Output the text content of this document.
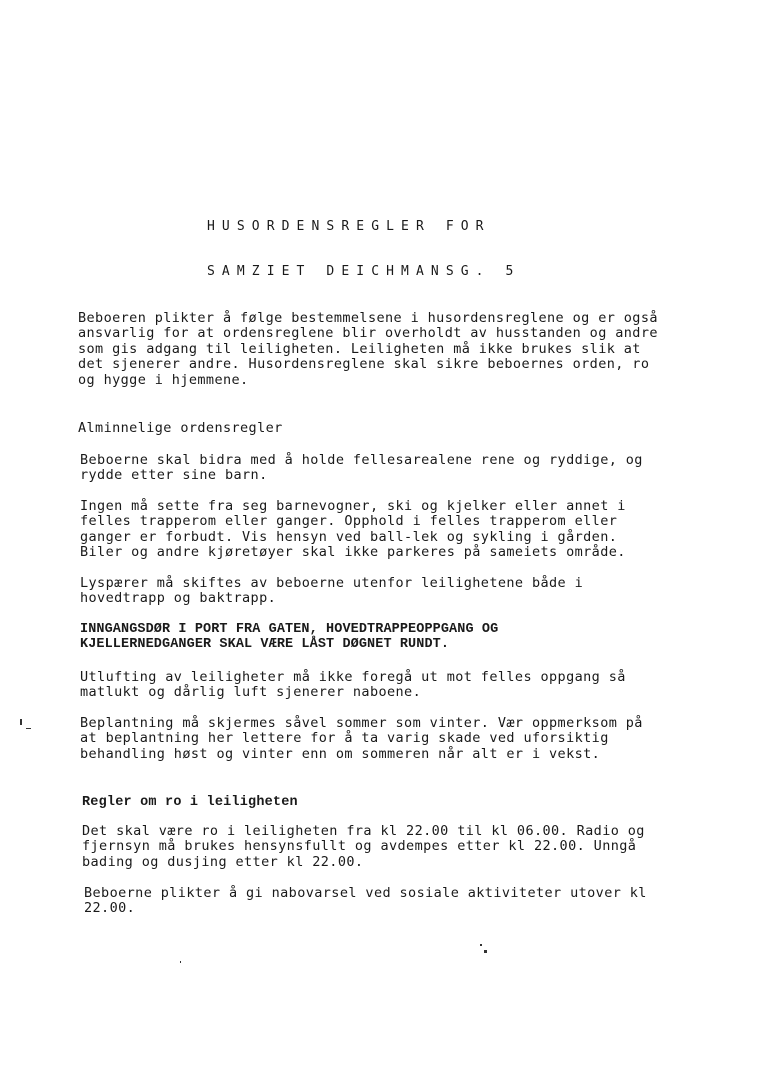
HUSORDENSREGLER FOR
SAMZIET DEICHMANSG. 5

Beboeren plikter å følge bestemmelsene i husordensreglene og er også
ansvarlig for at ordensreglene blir overholdt av husstanden og andre
som gis adgang til leiligheten. Leiligheten må ikke brukes slik at
det sjenerer andre. Husordensreglene skal sikre beboernes orden, ro
og hygge i hjemmene.

Alminnelige ordensregler

Beboerne skal bidra med å holde fellesarealene rene og ryddige, og
rydde etter sine barn.

Ingen må sette fra seg barnevogner, ski og kjelker eller annet i
felles trapperom eller ganger. Opphold i felles trapperom eller
ganger er forbudt. Vis hensyn ved ball-lek og sykling i gården.
Biler og andre kjøretøyer skal ikke parkeres på sameiets område.

Lyspærer må skiftes av beboerne utenfor leilighetene både i
hovedtrapp og baktrapp.

INNGANGSDØR I PORT FRA GATEN, HOVEDTRAPPEOPPGANG OG
KJELLERNEDGANGER SKAL VÆRE LÅST DØGNET RUNDT.

Utlufting av leiligheter må ikke foregå ut mot felles oppgang så
matlukt og dårlig luft sjenerer naboene.

Beplantning må skjermes såvel sommer som vinter. Vær oppmerksom på
at beplantning her lettere for å ta varig skade ved uforsiktig
behandling høst og vinter enn om sommeren når alt er i vekst.

Regler om ro i leiligheten

Det skal være ro i leiligheten fra kl 22.00 til kl 06.00. Radio og
fjernsyn må brukes hensynsfullt og avdempes etter kl 22.00. Unngå
bading og dusjing etter kl 22.00.

Beboerne plikter å gi nabovarsel ved sosiale aktiviteter utover kl
22.00.
